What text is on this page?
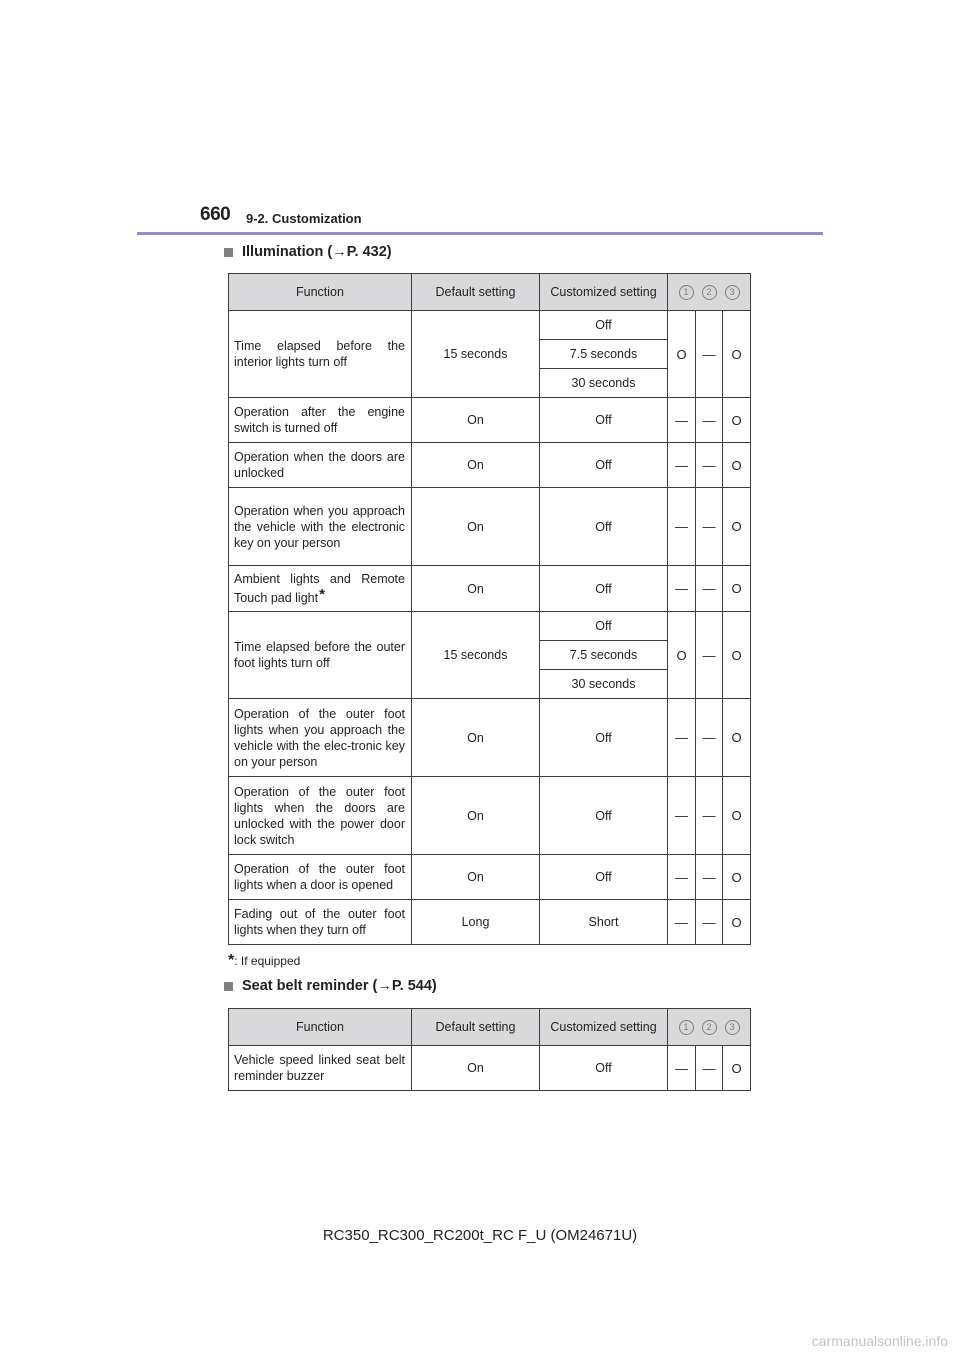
660 9-2. Customization
Illumination (→P. 432)
Function	Default setting	Customized setting	1 2 3		

Time elapsed before the interior lights turn off	15 seconds	Off	O	—	O
		7.5 seconds			
		30 seconds			
Operation after the engine switch is turned off	On	Off	—	—	O
Operation when the doors are unlocked	On	Off	—	—	O
Operation when you approach the vehicle with the electronic key on your person	On	Off	—	—	O
Ambient lights and Remote Touch pad light*	On	Off	—	—	O
Time elapsed before the outer foot lights turn off	15 seconds	Off	O	—	O
		7.5 seconds			
		30 seconds			
Operation of the outer foot lights when you approach the vehicle with the elec-tronic key on your person	On	Off	—	—	O
Operation of the outer foot lights when the doors are unlocked with the power door lock switch	On	Off	—	—	O
Operation of the outer foot lights when a door is opened	On	Off	—	—	O
Fading out of the outer foot lights when they turn off	Long	Short	—	—	O
*: If equipped
Seat belt reminder (→P. 544)
Function	Default setting	Customized setting	1 2 3		

Vehicle speed linked seat belt reminder buzzer	On	Off	—	—	O
RC350_RC300_RC200t_RC F_U (OM24671U)
carmanualsonline.info
